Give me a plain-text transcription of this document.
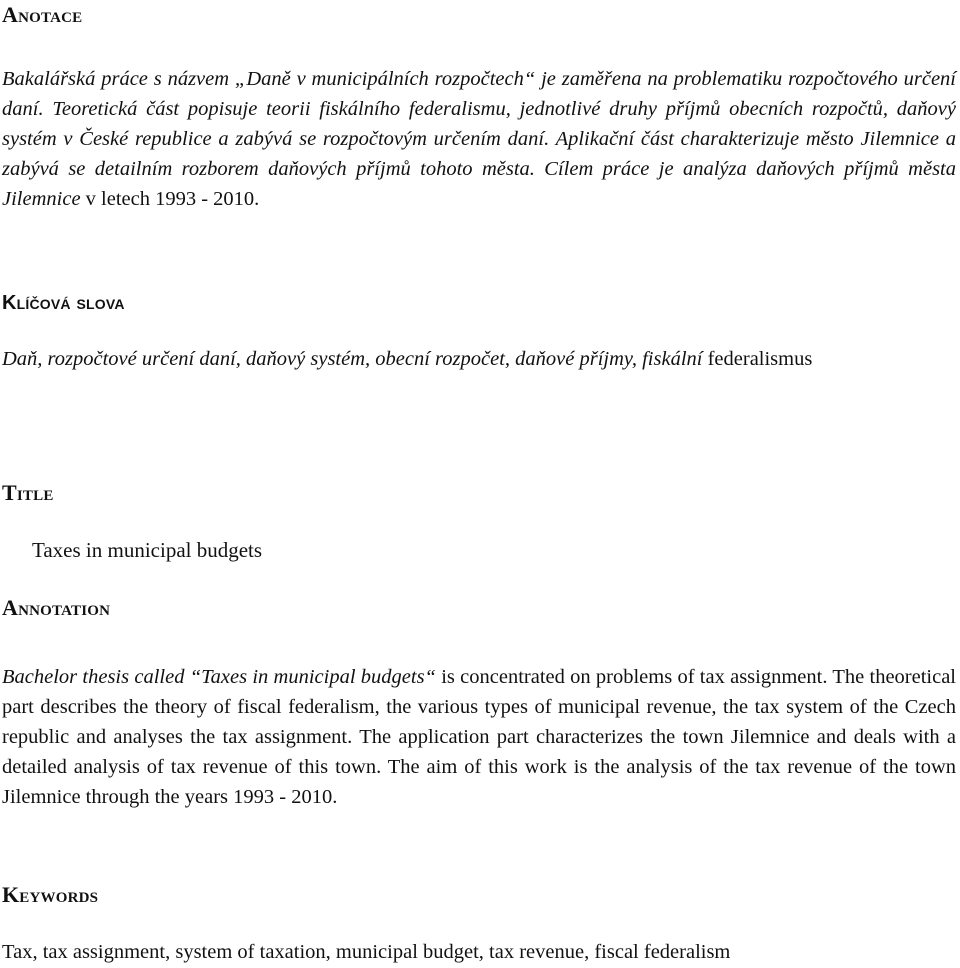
Anotace

Bakalářská práce s názvem „Daně v municipálních rozpočtech“ je zaměřena na problematiku rozpočtového určení daní. Teoretická část popisuje teorii fiskálního federalismu, jednotlivé druhy příjmů obecních rozpočtů, daňový systém v České republice a zabývá se rozpočtovým určením daní. Aplikační část charakterizuje město Jilemnice a zabývá se detailním rozborem daňových příjmů tohoto města. Cílem práce je analýza daňových příjmů města Jilemnice v letech 1993 - 2010.

Klíčová slova

Daň, rozpočtové určení daní, daňový systém, obecní rozpočet, daňové příjmy, fiskální federalismus

Title

Taxes in municipal budgets

Annotation

Bachelor thesis called “Taxes in municipal budgets“ is concentrated on problems of tax assignment. The theoretical part describes the theory of fiscal federalism, the various types of municipal revenue, the tax system of the Czech republic and analyses the tax assignment. The application part characterizes the town Jilemnice and deals with a detailed analysis of tax revenue of this town. The aim of this work is the analysis of the tax revenue of the town Jilemnice through the years 1993 - 2010.

Keywords

Tax, tax assignment, system of taxation, municipal budget, tax revenue, fiscal federalism
